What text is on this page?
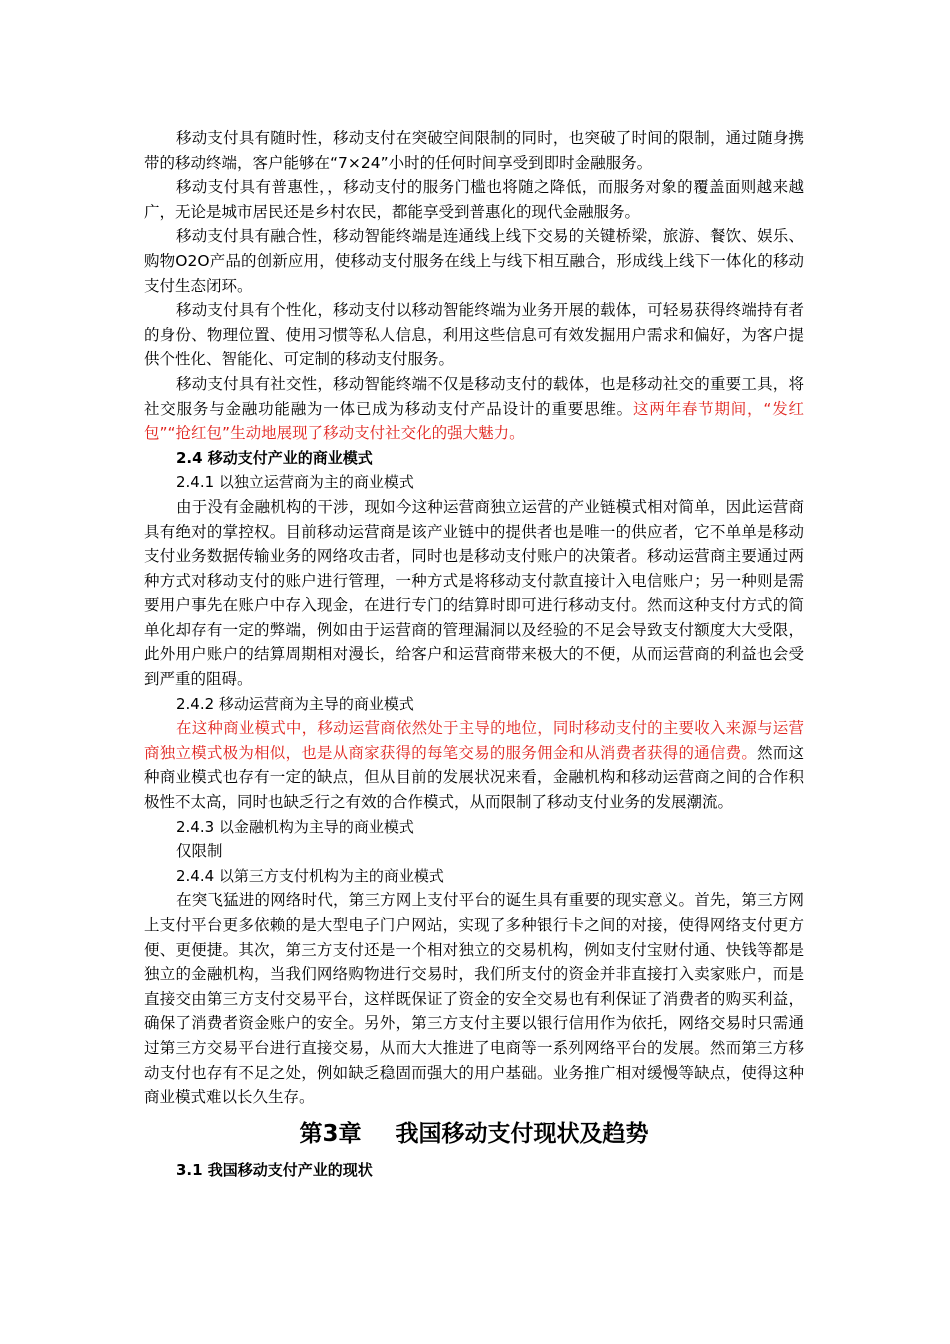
移动支付具有随时性，移动支付在突破空间限制的同时，也突破了时间的限制，通过随身携带的移动终端，客户能够在“7×24”小时的任何时间享受到即时金融服务。

移动支付具有普惠性，，移动支付的服务门槛也将随之降低，而服务对象的覆盖面则越来越广，无论是城市居民还是乡村农民，都能享受到普惠化的现代金融服务。

移动支付具有融合性，移动智能终端是连通线上线下交易的关键桥梁，旅游、餐饮、娱乐、购物O2O产品的创新应用，使移动支付服务在线上与线下相互融合，形成线上线下一体化的移动支付生态闭环。

移动支付具有个性化，移动支付以移动智能终端为业务开展的载体，可轻易获得终端持有者的身份、物理位置、使用习惯等私人信息，利用这些信息可有效发掘用户需求和偏好，为客户提供个性化、智能化、可定制的移动支付服务。

移动支付具有社交性，移动智能终端不仅是移动支付的载体，也是移动社交的重要工具，将社交服务与金融功能融为一体已成为移动支付产品设计的重要思维。这两年春节期间，“发红包”“抢红包”生动地展现了移动支付社交化的强大魅力。

2.4 移动支付产业的商业模式
2.4.1 以独立运营商为主的商业模式

由于没有金融机构的干涉，现如今这种运营商独立运营的产业链模式相对简单，因此运营商具有绝对的掌控权。目前移动运营商是该产业链中的提供者也是唯一的供应者，它不单单是移动支付业务数据传输业务的网络攻击者，同时也是移动支付账户的决策者。移动运营商主要通过两种方式对移动支付的账户进行管理，一种方式是将移动支付款直接计入电信账户；另一种则是需要用户事先在账户中存入现金，在进行专门的结算时即可进行移动支付。然而这种支付方式的简单化却存有一定的弊端，例如由于运营商的管理漏洞以及经验的不足会导致支付额度大大受限，此外用户账户的结算周期相对漫长，给客户和运营商带来极大的不便，从而运营商的利益也会受到严重的阻碍。

2.4.2 移动运营商为主导的商业模式

在这种商业模式中，移动运营商依然处于主导的地位，同时移动支付的主要收入来源与运营商独立模式极为相似，也是从商家获得的每笔交易的服务佣金和从消费者获得的通信费。然而这种商业模式也存有一定的缺点，但从目前的发展状况来看，金融机构和移动运营商之间的合作积极性不太高，同时也缺乏行之有效的合作模式，从而限制了移动支付业务的发展潮流。

2.4.3 以金融机构为主导的商业模式
仅限制
2.4.4 以第三方支付机构为主的商业模式

在突飞猛进的网络时代，第三方网上支付平台的诞生具有重要的现实意义。首先，第三方网上支付平台更多依赖的是大型电子门户网站，实现了多种银行卡之间的对接，使得网络支付更方便、更便捷。其次，第三方支付还是一个相对独立的交易机构，例如支付宝财付通、快钱等都是独立的金融机构，当我们网络购物进行交易时，我们所支付的资金并非直接打入卖家账户，而是直接交由第三方支付交易平台，这样既保证了资金的安全交易也有利保证了消费者的购买利益，确保了消费者资金账户的安全。另外，第三方支付主要以银行信用作为依托，网络交易时只需通过第三方交易平台进行直接交易，从而大大推进了电商等一系列网络平台的发展。然而第三方移动支付也存有不足之处，例如缺乏稳固而强大的用户基础。业务推广相对缓慢等缺点，使得这种商业模式难以长久生存。

第3章 我国移动支付现状及趋势
3.1 我国移动支付产业的现状
